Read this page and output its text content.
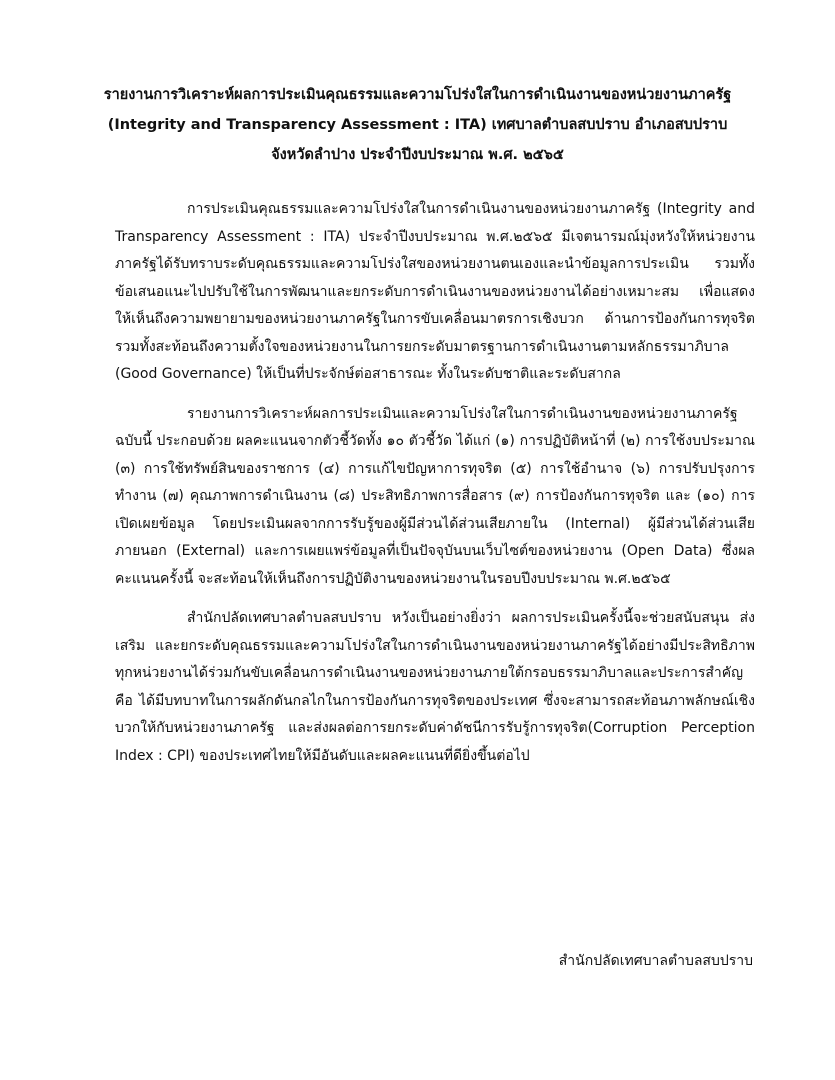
รายงานการวิเคราะห์ผลการประเมินคุณธรรมและความโปร่งใสในการดำเนินงานของหน่วยงานภาครัฐ
(Integrity and Transparency Assessment : ITA) เทศบาลตำบลสบปราบ อำเภอสบปราบ
จังหวัดลำปาง ประจำปีงบประมาณ พ.ศ. ๒๕๖๕

การประเมินคุณธรรมและความโปร่งใสในการดำเนินงานของหน่วยงานภาครัฐ (Integrity and Transparency Assessment : ITA) ประจำปีงบประมาณ พ.ศ.๒๕๖๕ มีเจตนารมณ์มุ่งหวังให้หน่วยงานภาครัฐได้รับทราบระดับคุณธรรมและความโปร่งใสของหน่วยงานตนเองและนำข้อมูลการประเมิน รวมทั้ง ข้อเสนอแนะไปปรับใช้ในการพัฒนาและยกระดับการดำเนินงานของหน่วยงานได้อย่างเหมาะสม เพื่อแสดงให้เห็นถึงความพยายามของหน่วยงานภาครัฐในการขับเคลื่อนมาตรการเชิงบวก ด้านการป้องกันการทุจริต รวมทั้งสะท้อนถึงความตั้งใจของหน่วยงานในการยกระดับมาตรฐานการดำเนินงานตามหลักธรรมาภิบาล (Good Governance) ให้เป็นที่ประจักษ์ต่อสาธารณะ ทั้งในระดับชาติและระดับสากล

รายงานการวิเคราะห์ผลการประเมินและความโปร่งใสในการดำเนินงานของหน่วยงานภาครัฐฉบับนี้ ประกอบด้วย ผลคะแนนจากตัวชี้วัดทั้ง ๑๐ ตัวชี้วัด ได้แก่ (๑) การปฏิบัติหน้าที่ (๒) การใช้งบประมาณ (๓) การใช้ทรัพย์สินของราชการ (๔) การแก้ไขปัญหาการทุจริต (๕) การใช้อำนาจ (๖) การปรับปรุงการทำงาน (๗) คุณภาพการดำเนินงาน (๘) ประสิทธิภาพการสื่อสาร (๙) การป้องกันการทุจริต และ (๑๐) การเปิดเผยข้อมูล โดยประเมินผลจากการรับรู้ของผู้มีส่วนได้ส่วนเสียภายใน (Internal) ผู้มีส่วนได้ส่วนเสียภายนอก (External) และการเผยแพร่ข้อมูลที่เป็นปัจจุบันบนเว็บไซต์ของหน่วยงาน (Open Data) ซึ่งผลคะแนนครั้งนี้ จะสะท้อนให้เห็นถึงการปฏิบัติงานของหน่วยงานในรอบปีงบประมาณ พ.ศ.๒๕๖๕

สำนักปลัดเทศบาลตำบลสบปราบ หวังเป็นอย่างยิ่งว่า ผลการประเมินครั้งนี้จะช่วยสนับสนุน ส่งเสริม และยกระดับคุณธรรมและความโปร่งใสในการดำเนินงานของหน่วยงานภาครัฐได้อย่างมีประสิทธิภาพ ทุกหน่วยงานได้ร่วมกันขับเคลื่อนการดำเนินงานของหน่วยงานภายใต้กรอบธรรมาภิบาลและประการสำคัญคือ ได้มีบทบาทในการผลักดันกลไกในการป้องกันการทุจริตของประเทศ ซึ่งจะสามารถสะท้อนภาพลักษณ์เชิงบวกให้กับหน่วยงานภาครัฐ และส่งผลต่อการยกระดับค่าดัชนีการรับรู้การทุจริต(Corruption Perception Index : CPI) ของประเทศไทยให้มีอันดับและผลคะแนนที่ดียิ่งขึ้นต่อไป

สำนักปลัดเทศบาลตำบลสบปราบ
